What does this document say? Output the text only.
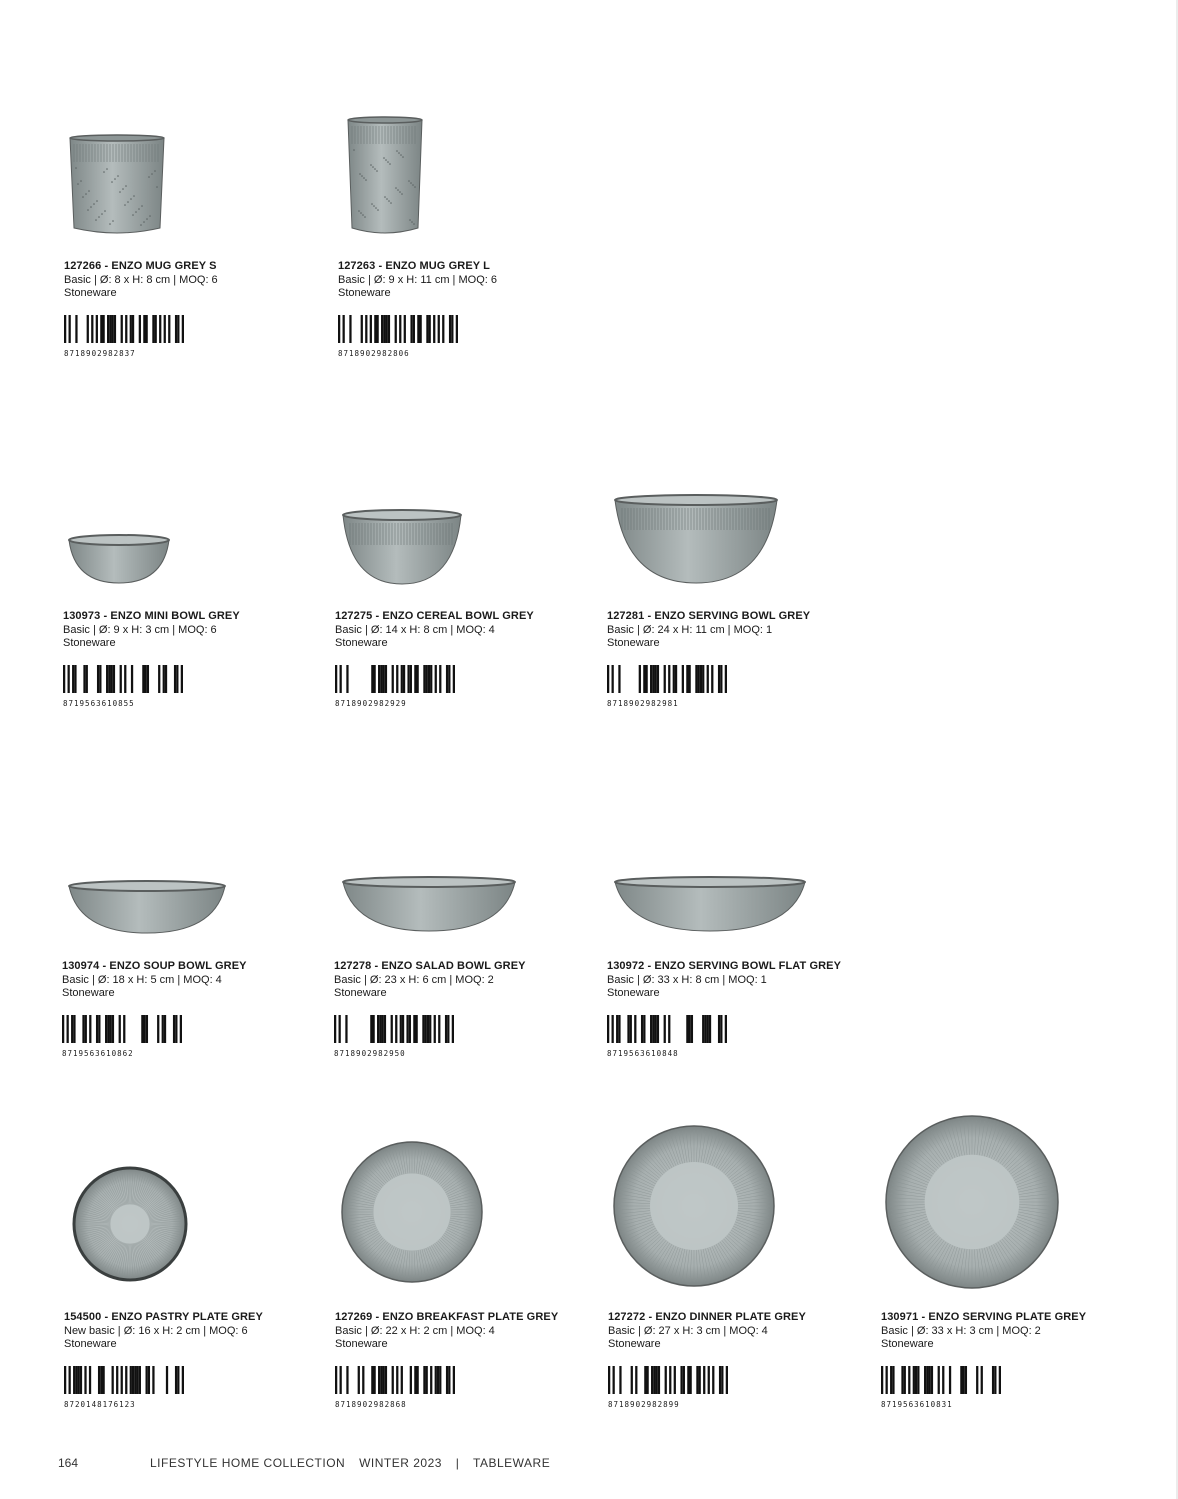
127266 - ENZO MUG GREY S
Basic | Ø: 8 x H: 8 cm | MOQ: 6
Stoneware
8718902982837
127263 - ENZO MUG GREY L
Basic | Ø: 9 x H: 11 cm | MOQ: 6
Stoneware
8718902982806
130973 - ENZO MINI BOWL GREY
Basic | Ø: 9 x H: 3 cm | MOQ: 6
Stoneware
8719563610855
127275 - ENZO CEREAL BOWL GREY
Basic | Ø: 14 x H: 8 cm | MOQ: 4
Stoneware
8718902982929
127281 - ENZO SERVING BOWL GREY
Basic | Ø: 24 x H: 11 cm | MOQ: 1
Stoneware
8718902982981
130974 - ENZO SOUP BOWL GREY
Basic | Ø: 18 x H: 5 cm | MOQ: 4
Stoneware
8719563610862
127278 - ENZO SALAD BOWL GREY
Basic | Ø: 23 x H: 6 cm | MOQ: 2
Stoneware
8718902982950
130972 - ENZO SERVING BOWL FLAT GREY
Basic | Ø: 33 x H: 8 cm | MOQ: 1
Stoneware
8719563610848
154500 - ENZO PASTRY PLATE GREY
New basic | Ø: 16 x H: 2 cm | MOQ: 6
Stoneware
8720148176123
127269 - ENZO BREAKFAST PLATE GREY
Basic | Ø: 22 x H: 2 cm | MOQ: 4
Stoneware
8718902982868
127272 - ENZO DINNER PLATE GREY
Basic | Ø: 27 x H: 3 cm | MOQ: 4
Stoneware
8718902982899
130971 - ENZO SERVING PLATE GREY
Basic | Ø: 33 x H: 3 cm | MOQ: 2
Stoneware
8719563610831
164	LIFESTYLE HOME COLLECTION WINTER 2023 | TABLEWARE
